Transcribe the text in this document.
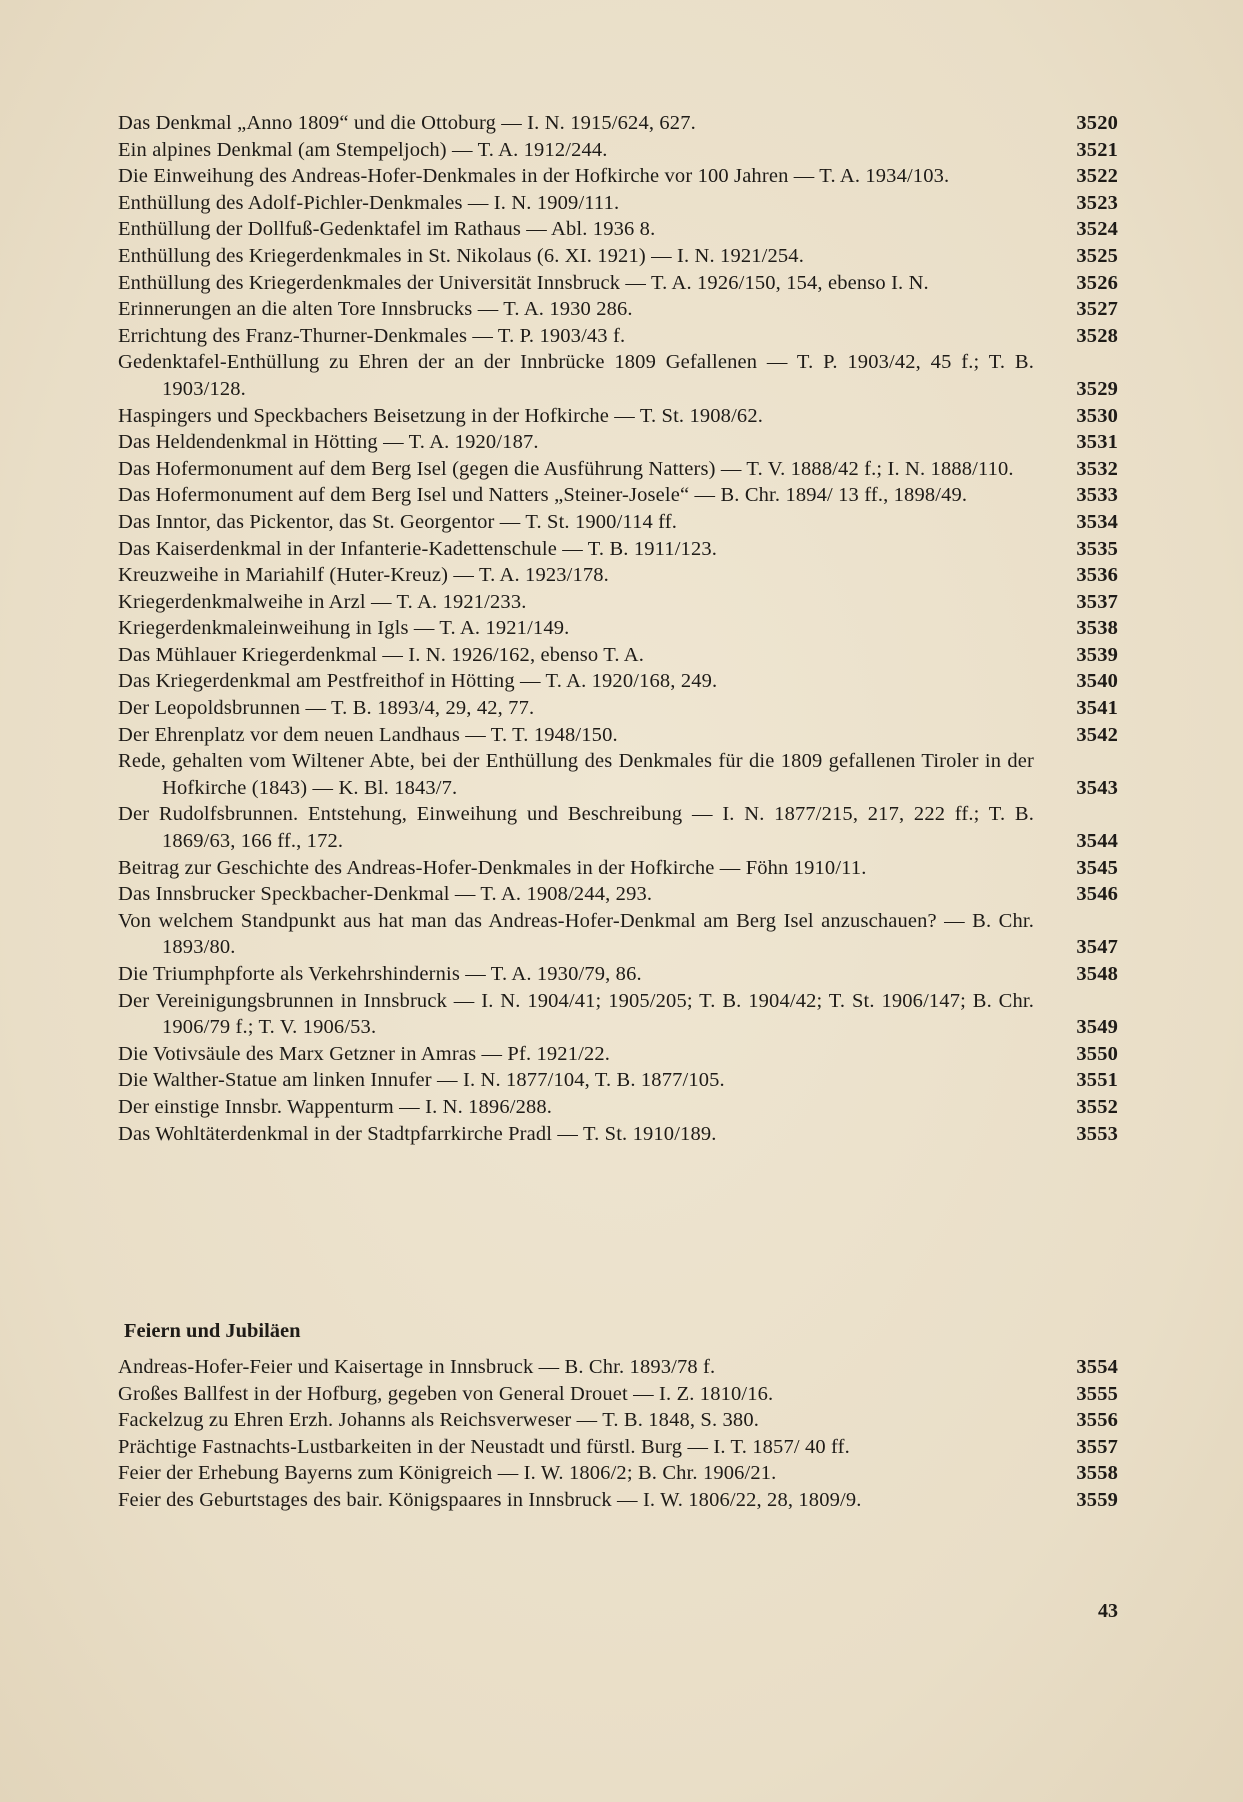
Das Denkmal „Anno 1809“ und die Ottoburg — I. N. 1915/624, 627.	3520
Ein alpines Denkmal (am Stempeljoch) — T. A. 1912/244.	3521
Die Einweihung des Andreas-Hofer-Denkmales in der Hofkirche vor 100 Jahren — T. A. 1934/103.	3522
Enthüllung des Adolf-Pichler-Denkmales — I. N. 1909/111.	3523
Enthüllung der Dollfuß-Gedenktafel im Rathaus — Abl. 1936 8.	3524
Enthüllung des Kriegerdenkmales in St. Nikolaus (6. XI. 1921) — I. N. 1921/254.	3525
Enthüllung des Kriegerdenkmales der Universität Innsbruck — T. A. 1926/150, 154, ebenso I. N.	3526
Erinnerungen an die alten Tore Innsbrucks — T. A. 1930 286.	3527
Errichtung des Franz-Thurner-Denkmales — T. P. 1903/43 f.	3528
Gedenktafel-Enthüllung zu Ehren der an der Innbrücke 1809 Gefallenen — T. P. 1903/42, 45 f.; T. B. 1903/128.	3529
Haspingers und Speckbachers Beisetzung in der Hofkirche — T. St. 1908/62.	3530
Das Heldendenkmal in Hötting — T. A. 1920/187.	3531
Das Hofermonument auf dem Berg Isel (gegen die Ausführung Natters) — T. V. 1888/42 f.; I. N. 1888/110.	3532
Das Hofermonument auf dem Berg Isel und Natters „Steiner-Josele“ — B. Chr. 1894/ 13 ff., 1898/49.	3533
Das Inntor, das Pickentor, das St. Georgentor — T. St. 1900/114 ff.	3534
Das Kaiserdenkmal in der Infanterie-Kadettenschule — T. B. 1911/123.	3535
Kreuzweihe in Mariahilf (Huter-Kreuz) — T. A. 1923/178.	3536
Kriegerdenkmalweihe in Arzl — T. A. 1921/233.	3537
Kriegerdenkmaleinweihung in Igls — T. A. 1921/149.	3538
Das Mühlauer Kriegerdenkmal — I. N. 1926/162, ebenso T. A.	3539
Das Kriegerdenkmal am Pestfreithof in Hötting — T. A. 1920/168, 249.	3540
Der Leopoldsbrunnen — T. B. 1893/4, 29, 42, 77.	3541
Der Ehrenplatz vor dem neuen Landhaus — T. T. 1948/150.	3542
Rede, gehalten vom Wiltener Abte, bei der Enthüllung des Denkmales für die 1809 gefallenen Tiroler in der Hofkirche (1843) — K. Bl. 1843/7.	3543
Der Rudolfsbrunnen. Entstehung, Einweihung und Beschreibung — I. N. 1877/215, 217, 222 ff.; T. B. 1869/63, 166 ff., 172.	3544
Beitrag zur Geschichte des Andreas-Hofer-Denkmales in der Hofkirche — Föhn 1910/11.	3545
Das Innsbrucker Speckbacher-Denkmal — T. A. 1908/244, 293.	3546
Von welchem Standpunkt aus hat man das Andreas-Hofer-Denkmal am Berg Isel anzuschauen? — B. Chr. 1893/80.	3547
Die Triumphpforte als Verkehrshindernis — T. A. 1930/79, 86.	3548
Der Vereinigungsbrunnen in Innsbruck — I. N. 1904/41; 1905/205; T. B. 1904/42; T. St. 1906/147; B. Chr. 1906/79 f.; T. V. 1906/53.	3549
Die Votivsäule des Marx Getzner in Amras — Pf. 1921/22.	3550
Die Walther-Statue am linken Innufer — I. N. 1877/104, T. B. 1877/105.	3551
Der einstige Innsbr. Wappenturm — I. N. 1896/288.	3552
Das Wohltäterdenkmal in der Stadtpfarrkirche Pradl — T. St. 1910/189.	3553
Feiern und Jubiläen
Andreas-Hofer-Feier und Kaisertage in Innsbruck — B. Chr. 1893/78 f.	3554
Großes Ballfest in der Hofburg, gegeben von General Drouet — I. Z. 1810/16.	3555
Fackelzug zu Ehren Erzh. Johanns als Reichsverweser — T. B. 1848, S. 380.	3556
Prächtige Fastnachts-Lustbarkeiten in der Neustadt und fürstl. Burg — I. T. 1857/ 40 ff.	3557
Feier der Erhebung Bayerns zum Königreich — I. W. 1806/2; B. Chr. 1906/21.	3558
Feier des Geburtstages des bair. Königspaares in Innsbruck — I. W. 1806/22, 28, 1809/9.	3559
43
